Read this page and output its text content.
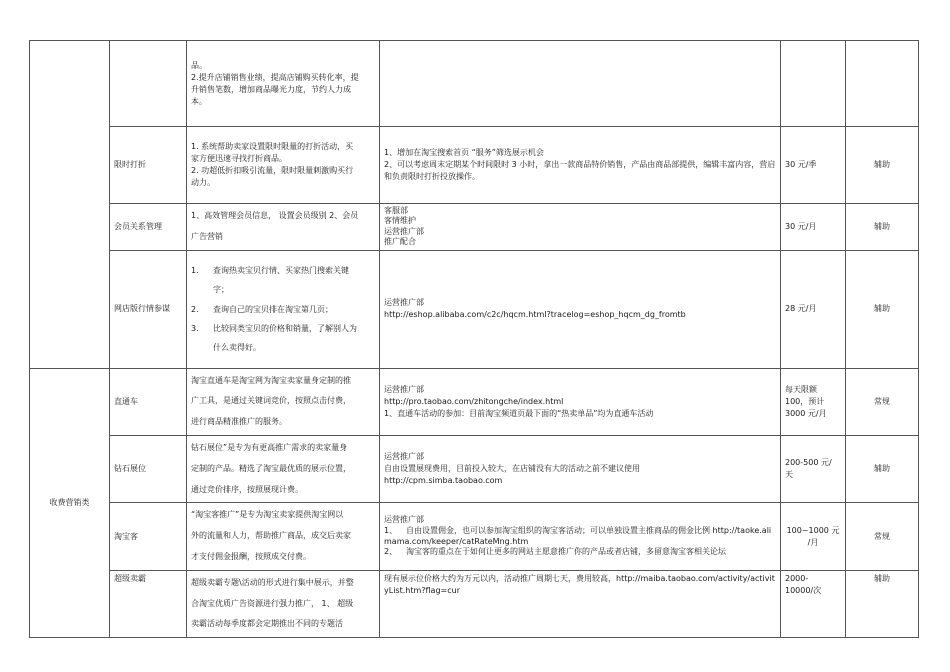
		品。
2.提升店铺销售业绩，提高店铺购买转化率，提
升销售笔数，增加商品曝光力度，节约人力成
本。			

	限时打折	1. 系统帮助卖家设置限时限量的打折活动，买
家方便迅速寻找打折商品。
2. 功超低折扣吸引流量，限时限量刺激购买行
动力。	1、增加在淘宝搜索首页 “服务”筛选展示机会
2、可以考虑周末定期某个时间限时 3 小时，拿出一款商品特价销售，产品由商品部提供，编辑丰富内容，营启和负责限时打折投放操作。	30 元/季	辅助
	会员关系管理	1、高效管理会员信息， 设置会员级别 2、会员
广告营销	客服部
客情维护
运营推广部
推广配合	30 元/月	辅助
	网店版行情参谋	1. 查询热卖宝贝行情、买家热门搜索关键
字；
2. 查询自己的宝贝排在淘宝第几页；
3. 比较同类宝贝的价格和销量，了解别人为
什么卖得好。	运营推广部
http://eshop.alibaba.com/c2c/hqcm.html?tracelog=eshop_hqcm_dg_fromtb	28 元/月	辅助
收费营销类	直通车	淘宝直通车是淘宝网为淘宝卖家量身定制的推
广工具，是通过关键词竞价，按照点击付费，
进行商品精准推广的服务。	运营推广部
http://pro.taobao.com/zhitongche/index.html
1、直通车活动的参加：目前淘宝频道页最下面的“热卖单品”均为直通车活动	每天限额
100，预计
3000 元/月	常规
	钻石展位	钻石展位”是专为有更高推广需求的卖家量身
定制的产品。精选了淘宝最优质的展示位置，
通过竞价排序，按照展现计费。	运营推广部
自由设置展现费用，目前投入较大，在店铺没有大的活动之前不建议使用
http://cpm.simba.taobao.com	200-500 元/
天	辅助
	淘宝客	“淘宝客推广”是专为淘宝卖家提供淘宝网以
外的流量和人力，帮助推广商品，成交后卖家
才支付佣金报酬，按照成交付费。	运营推广部
1、 自由设置佣金，也可以参加淘宝组织的淘宝客活动；可以单独设置主推商品的佣金比例 http://taoke.alimama.com/keeper/catRateMng.htm
2、 淘宝客的重点在于如何让更多的网站主愿意推广你的产品或者店铺，多留意淘宝客相关论坛	100~1000 元
/月	常规
	超级卖霸	超级卖霸专题\活动的形式进行集中展示，并整
合淘宝优质广告资源进行强力推广， 1、 超级
卖霸活动每季度都会定期推出不同的专题活	现有展示位价格大约为万元以内，活动推广周期七天，费用较高，http://maiba.taobao.com/activity/activityList.htm?flag=cur	2000-
10000/次	辅助
